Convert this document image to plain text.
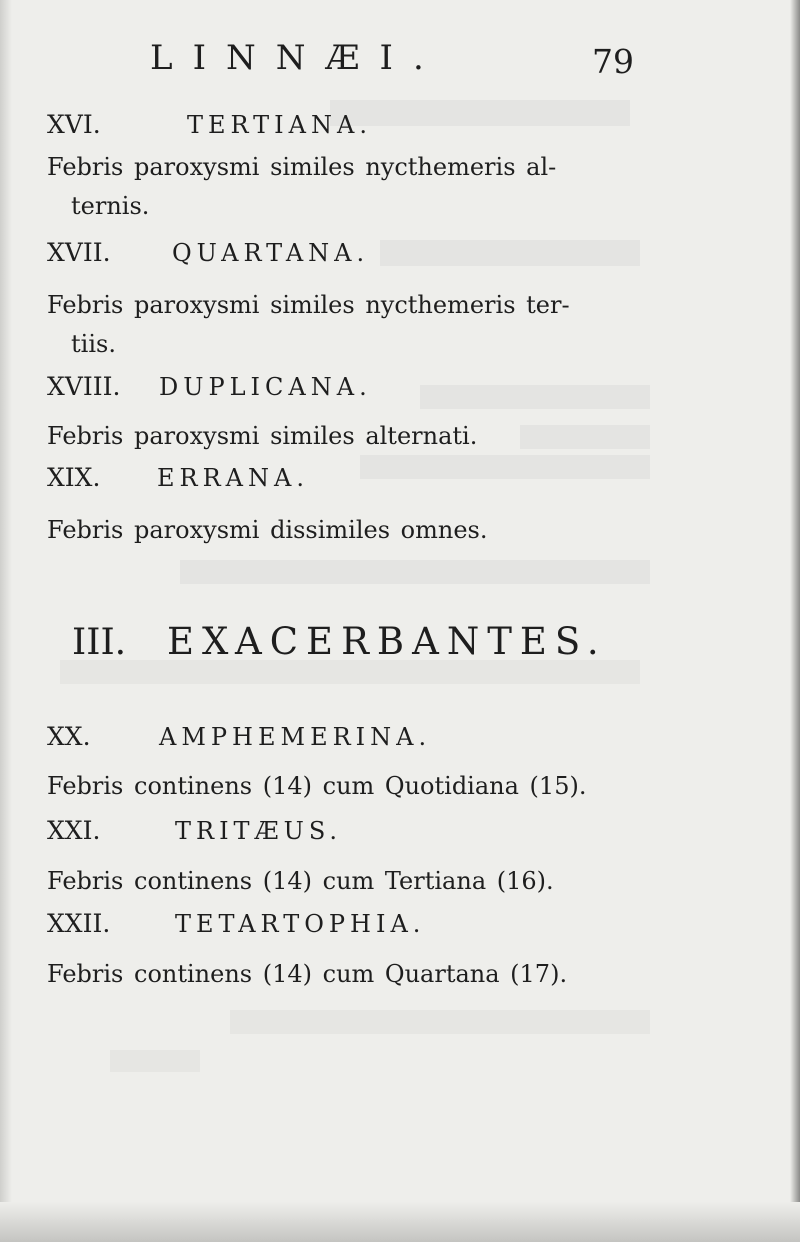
LINNÆI.	79
XVI.	TERTIANA.
Febris paroxysmi similes nycthemeris al-
ternis.
XVII.	QUARTANA.
Febris paroxysmi similes nycthemeris ter-
tiis.
XVIII. DUPLICANA.
Febris paroxysmi similes alternati.
XIX. ERRANA.
Febris paroxysmi dissimiles omnes.
III. EXACERBANTES.
XX.	AMPHEMERINA.
Febris continens (14) cum Quotidiana (15).
XXI.	TRITÆUS.
Febris continens (14) cum Tertiana (16).
XXII.	TETARTOPHIA.
Febris continens (14) cum Quartana (17).
